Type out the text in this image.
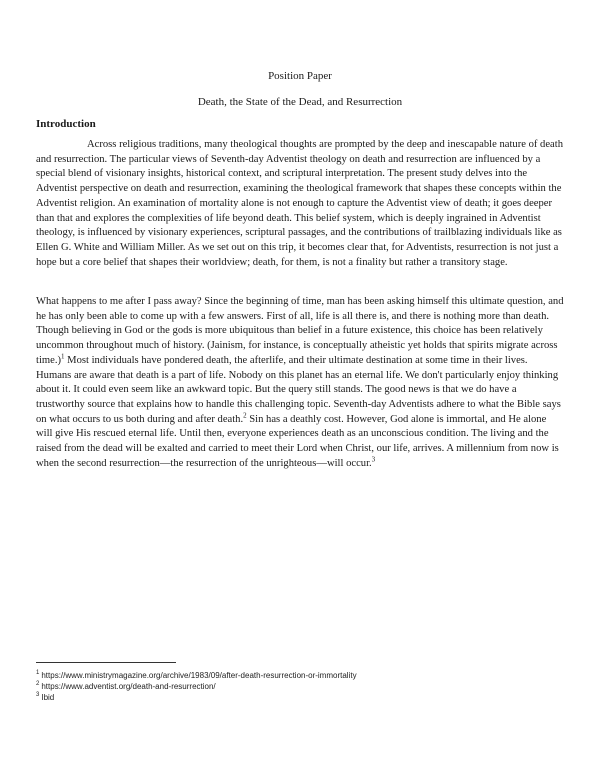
Position Paper
Death, the State of the Dead, and Resurrection
Introduction

Across religious traditions, many theological thoughts are prompted by the deep and inescapable nature of death and resurrection. The particular views of Seventh-day Adventist theology on death and resurrection are influenced by a special blend of visionary insights, historical context, and scriptural interpretation. The present study delves into the Adventist perspective on death and resurrection, examining the theological framework that shapes these concepts within the Adventist religion. An examination of mortality alone is not enough to capture the Adventist view of death; it goes deeper than that and explores the complexities of life beyond death. This belief system, which is deeply ingrained in Adventist theology, is influenced by visionary experiences, scriptural passages, and the contributions of trailblazing individuals like as Ellen G. White and William Miller. As we set out on this trip, it becomes clear that, for Adventists, resurrection is not just a hope but a core belief that shapes their worldview; death, for them, is not a finality but rather a transitory stage.

What happens to me after I pass away? Since the beginning of time, man has been asking himself this ultimate question, and he has only been able to come up with a few answers. First of all, life is all there is, and there is nothing more than death. Though believing in God or the gods is more ubiquitous than belief in a future existence, this choice has been relatively uncommon throughout much of history. (Jainism, for instance, is conceptually atheistic yet holds that spirits migrate across time.)$^1$ Most individuals have pondered death, the afterlife, and their ultimate destination at some time in their lives. Humans are aware that death is a part of life. Nobody on this planet has an eternal life. We don't particularly enjoy thinking about it. It could even seem like an awkward topic. But the query still stands. The good news is that we do have a trustworthy source that explains how to handle this challenging topic. Seventh-day Adventists adhere to what the Bible says on what occurs to us both during and after death.$^2$ Sin has a deathly cost. However, God alone is immortal, and He alone will give His rescued eternal life. Until then, everyone experiences death as an unconscious condition. The living and the raised from the dead will be exalted and carried to meet their Lord when Christ, our life, arrives. A millennium from now is when the second resurrection—the resurrection of the unrighteous—will occur.$^3$

$^1$ https://www.ministrymagazine.org/archive/1983/09/after-death-resurrection-or-immortality
$^2$ https://www.adventist.org/death-and-resurrection/
$^3$ Ibid
